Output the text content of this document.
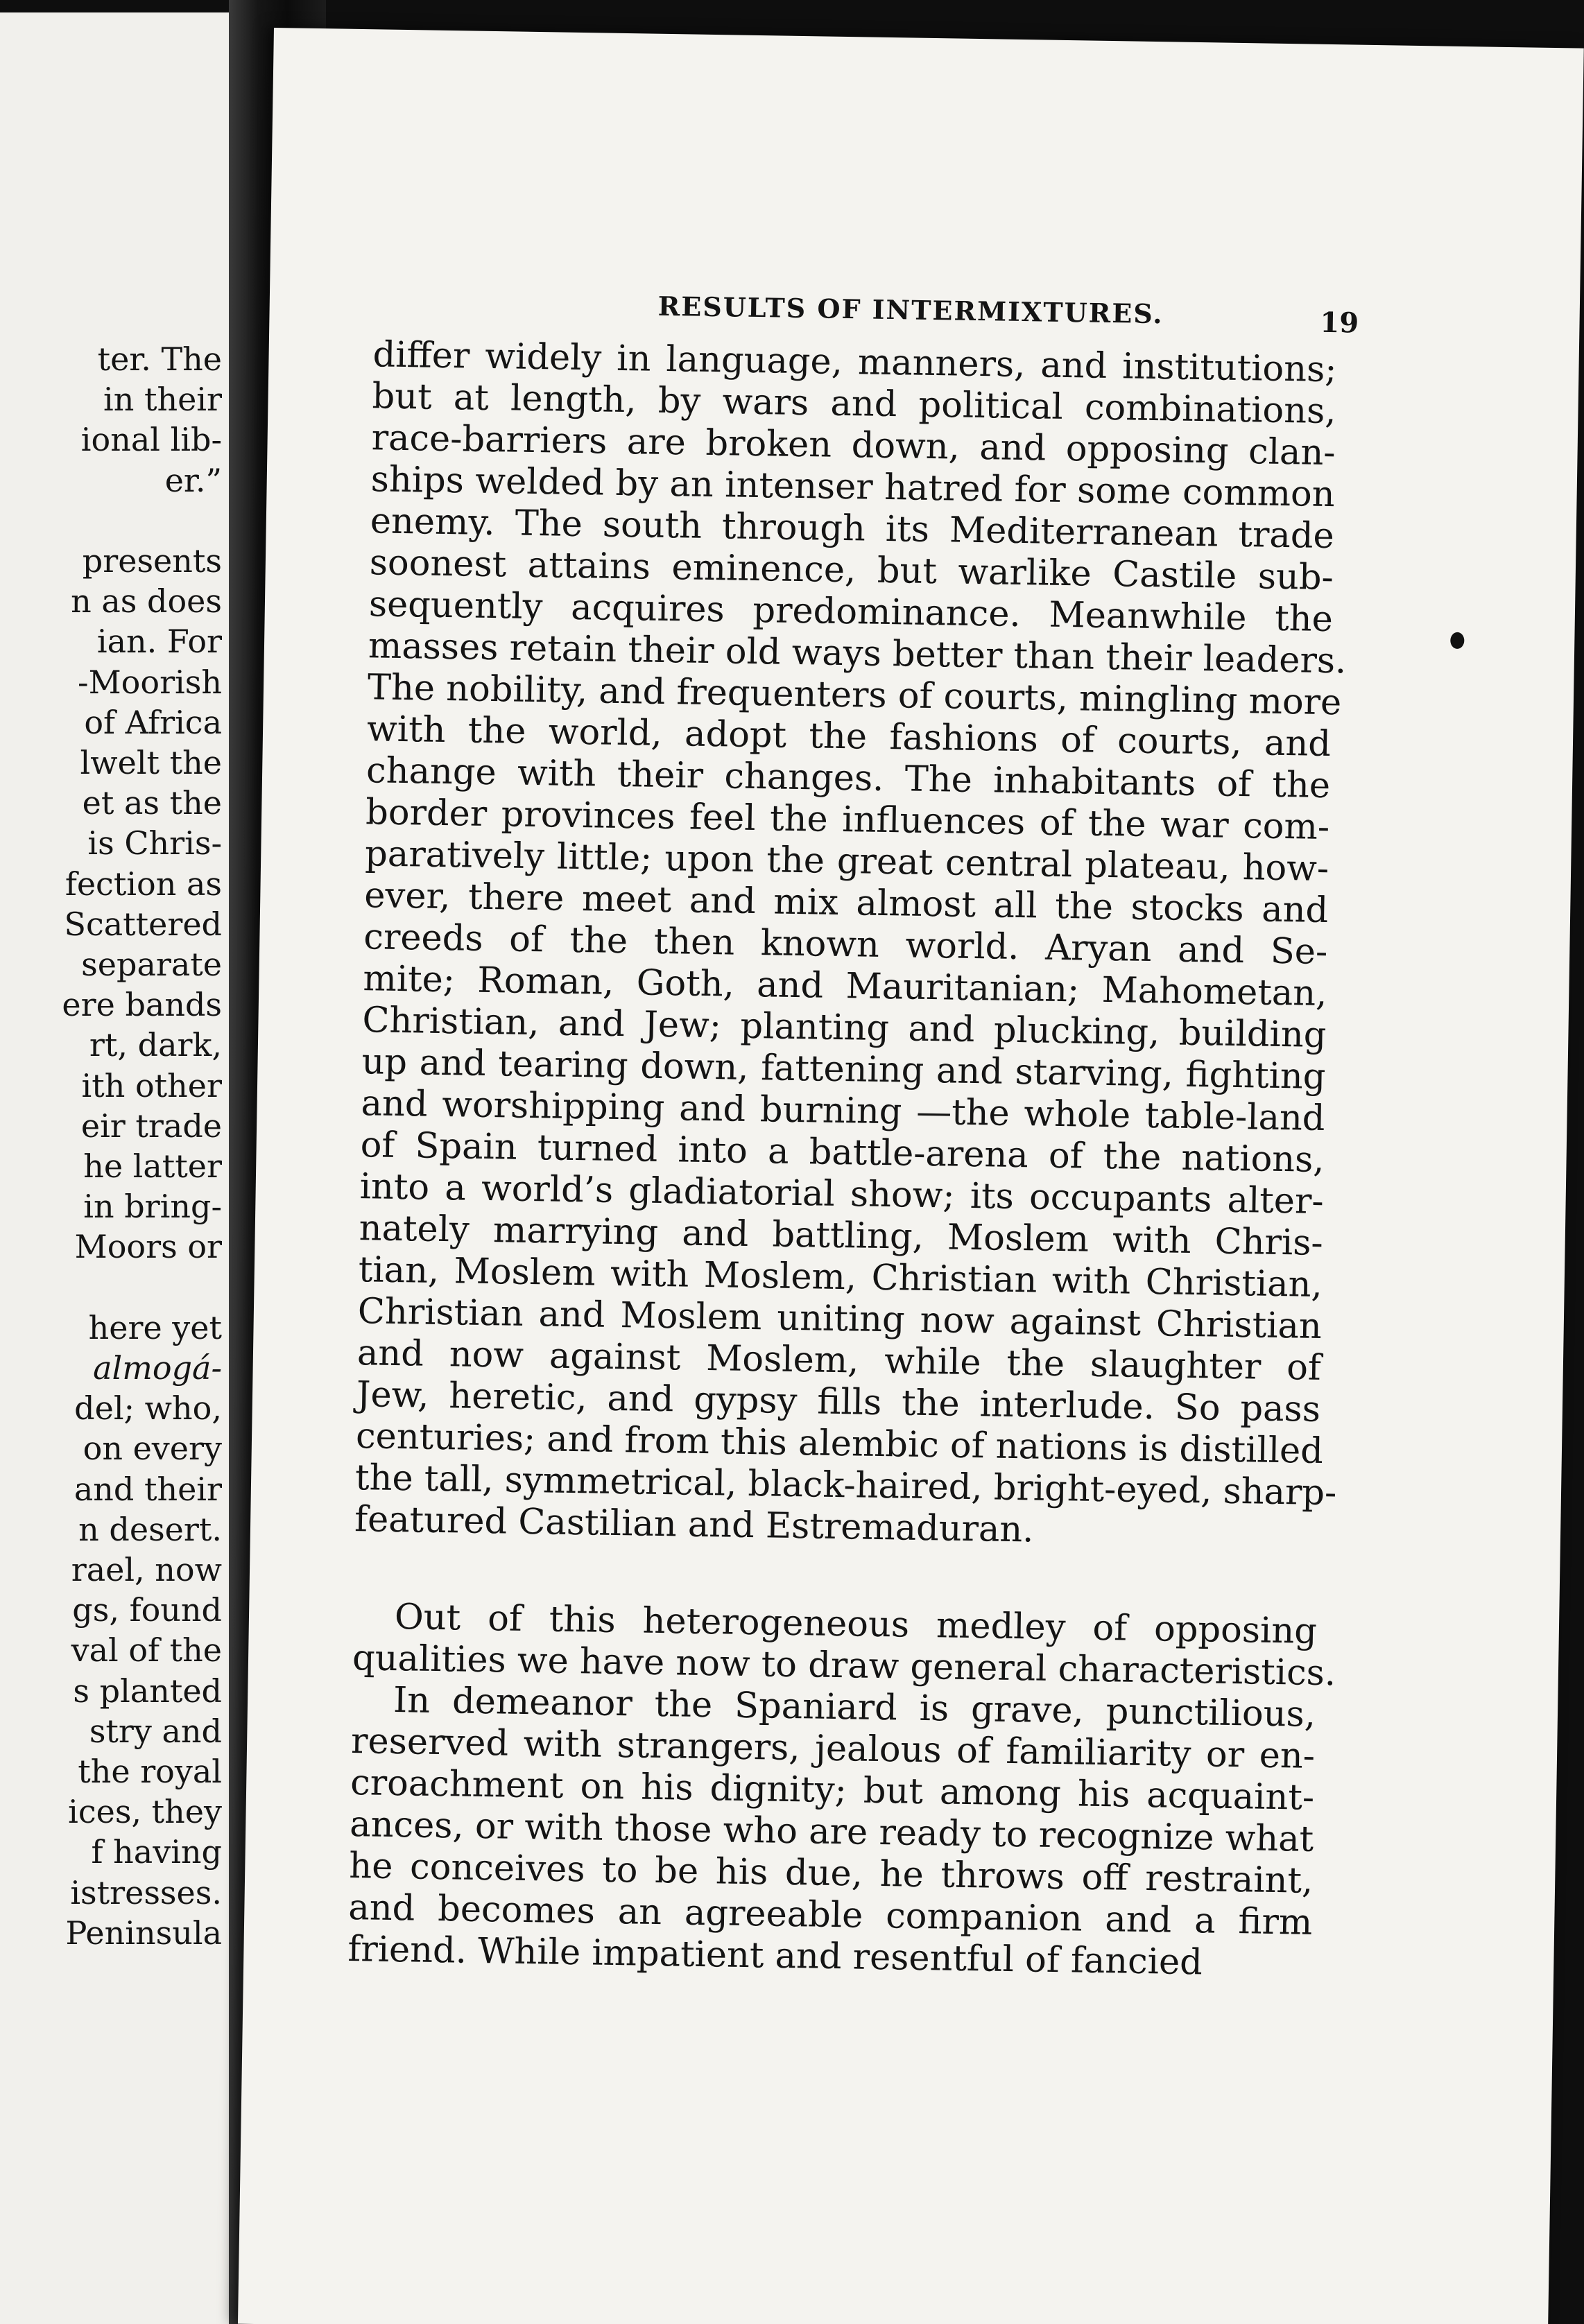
ter. The
in their
ional lib-
er.”
presents
n as does
ian. For
-Moorish
of Africa
lwelt the
et as the
is Chris-
fection as
Scattered
separate
ere bands
rt, dark,
ith other
eir trade
he latter
in bring-
Moors or
here yet
almogá-
del; who,
on every
and their
n desert.
rael, now
gs, found
val of the
s planted
stry and
the royal
ices, they
f having
istresses.
Peninsula
RESULTS OF INTERMIXTURES.	19
differ widely in language, manners, and institutions;
but at length, by wars and political combinations,
race-barriers are broken down, and opposing clan-
ships welded by an intenser hatred for some common
enemy. The south through its Mediterranean trade
soonest attains eminence, but warlike Castile sub-
sequently acquires predominance. Meanwhile the
masses retain their old ways better than their leaders.
The nobility, and frequenters of courts, mingling more
with the world, adopt the fashions of courts, and
change with their changes. The inhabitants of the
border provinces feel the influences of the war com-
paratively little; upon the great central plateau, how-
ever, there meet and mix almost all the stocks and
creeds of the then known world. Aryan and Se-
mite; Roman, Goth, and Mauritanian; Mahometan,
Christian, and Jew; planting and plucking, building
up and tearing down, fattening and starving, fighting
and worshipping and burning —the whole table-land
of Spain turned into a battle-arena of the nations,
into a world’s gladiatorial show; its occupants alter-
nately marrying and battling, Moslem with Chris-
tian, Moslem with Moslem, Christian with Christian,
Christian and Moslem uniting now against Christian
and now against Moslem, while the slaughter of
Jew, heretic, and gypsy fills the interlude. So pass
centuries; and from this alembic of nations is distilled
the tall, symmetrical, black-haired, bright-eyed, sharp-
featured Castilian and Estremaduran.
Out of this heterogeneous medley of opposing
qualities we have now to draw general characteristics.
In demeanor the Spaniard is grave, punctilious,
reserved with strangers, jealous of familiarity or en-
croachment on his dignity; but among his acquaint-
ances, or with those who are ready to recognize what
he conceives to be his due, he throws off restraint,
and becomes an agreeable companion and a firm
friend. While impatient and resentful of fancied
